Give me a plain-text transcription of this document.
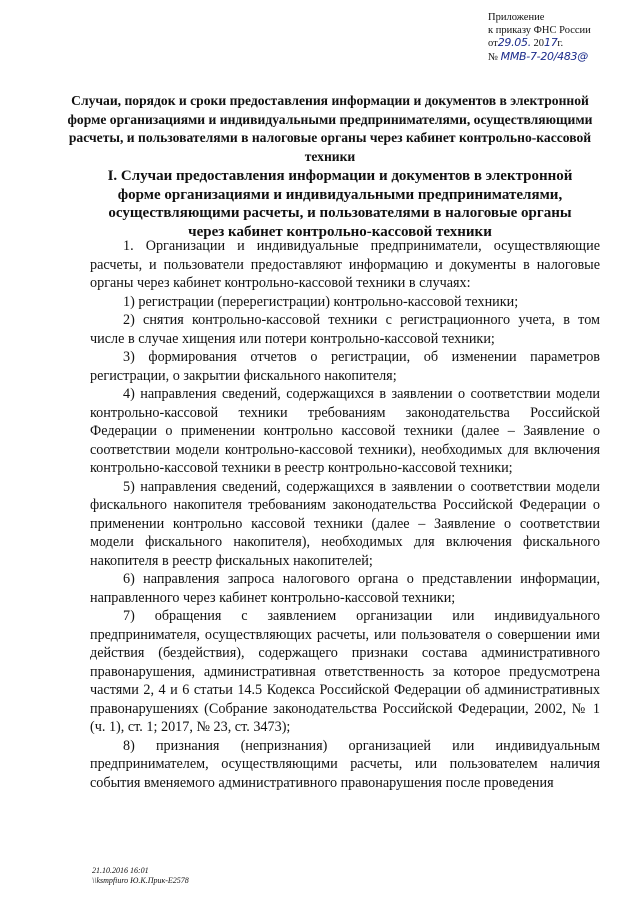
Приложение
к приказу ФНС России
от29.05. 2017г.
№ ММВ-7-20/483@
Случаи, порядок и сроки предоставления информации и документов в электронной форме организациями и индивидуальными предпринимателями, осуществляющими расчеты, и пользователями в налоговые органы через кабинет контрольно-кассовой техники
I. Случаи предоставления информации и документов в электронной форме организациями и индивидуальными предпринимателями, осуществляющими расчеты, и пользователями в налоговые органы через кабинет контрольно-кассовой техники

1. Организации и индивидуальные предприниматели, осуществляющие расчеты, и пользователи предоставляют информацию и документы в налоговые органы через кабинет контрольно-кассовой техники в случаях:

1) регистрации (перерегистрации) контрольно-кассовой техники;

2) снятия контрольно-кассовой техники с регистрационного учета, в том числе в случае хищения или потери контрольно-кассовой техники;

3) формирования отчетов о регистрации, об изменении параметров регистрации, о закрытии фискального накопителя;

4) направления сведений, содержащихся в заявлении о соответствии модели контрольно-кассовой техники требованиям законодательства Российской Федерации о применении контрольно кассовой техники (далее – Заявление о соответствии модели контрольно-кассовой техники), необходимых для включения контрольно-кассовой техники в реестр контрольно-кассовой техники;

5) направления сведений, содержащихся в заявлении о соответствии модели фискального накопителя требованиям законодательства Российской Федерации о применении контрольно кассовой техники (далее – Заявление о соответствии модели фискального накопителя), необходимых для включения фискального накопителя в реестр фискальных накопителей;

6) направления запроса налогового органа о представлении информации, направленного через кабинет контрольно-кассовой техники;

7) обращения с заявлением организации или индивидуального предпринимателя, осуществляющих расчеты, или пользователя о совершении ими действия (бездействия), содержащего признаки состава административного правонарушения, административная ответственность за которое предусмотрена частями 2, 4 и 6 статьи 14.5 Кодекса Российской Федерации об административных правонарушениях (Собрание законодательства Российской Федерации, 2002, № 1 (ч. 1), ст. 1; 2017, № 23, ст. 3473);

8) признания (непризнания) организацией или индивидуальным предпринимателем, осуществляющими расчеты, или пользователем наличия события вменяемого административного правонарушения после проведения

21.10.2016 16:01
\\ksmpfiuro Ю.К.Прик-Е2578
